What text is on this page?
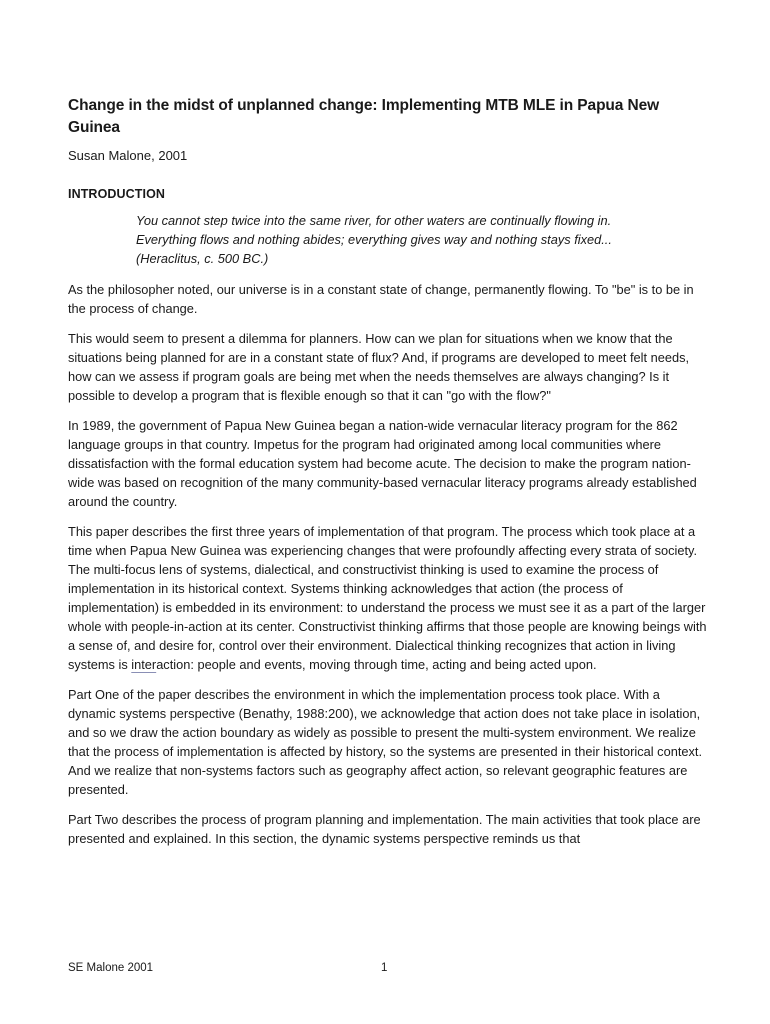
Change in the midst of unplanned change: Implementing MTB MLE in Papua New Guinea
Susan Malone, 2001
INTRODUCTION
You cannot step twice into the same river, for other waters are continually flowing in. Everything flows and nothing abides; everything gives way and nothing stays fixed... (Heraclitus, c. 500 BC.)

As the philosopher noted, our universe is in a constant state of change, permanently flowing. To "be" is to be in the process of change.

This would seem to present a dilemma for planners. How can we plan for situations when we know that the situations being planned for are in a constant state of flux? And, if programs are developed to meet felt needs, how can we assess if program goals are being met when the needs themselves are always changing? Is it possible to develop a program that is flexible enough so that it can "go with the flow?"

In 1989, the government of Papua New Guinea began a nation-wide vernacular literacy program for the 862 language groups in that country. Impetus for the program had originated among local communities where dissatisfaction with the formal education system had become acute. The decision to make the program nation-wide was based on recognition of the many community-based vernacular literacy programs already established around the country.

This paper describes the first three years of implementation of that program. The process which took place at a time when Papua New Guinea was experiencing changes that were profoundly affecting every strata of society. The multi-focus lens of systems, dialectical, and constructivist thinking is used to examine the process of implementation in its historical context. Systems thinking acknowledges that action (the process of implementation) is embedded in its environment: to understand the process we must see it as a part of the larger whole with people-in-action at its center. Constructivist thinking affirms that those people are knowing beings with a sense of, and desire for, control over their environment. Dialectical thinking recognizes that action in living systems is interaction: people and events, moving through time, acting and being acted upon.

Part One of the paper describes the environment in which the implementation process took place. With a dynamic systems perspective (Benathy, 1988:200), we acknowledge that action does not take place in isolation, and so we draw the action boundary as widely as possible to present the multi-system environment. We realize that the process of implementation is affected by history, so the systems are presented in their historical context. And we realize that non-systems factors such as geography affect action, so relevant geographic features are presented.

Part Two describes the process of program planning and implementation. The main activities that took place are presented and explained. In this section, the dynamic systems perspective reminds us that

SE Malone 2001	1
